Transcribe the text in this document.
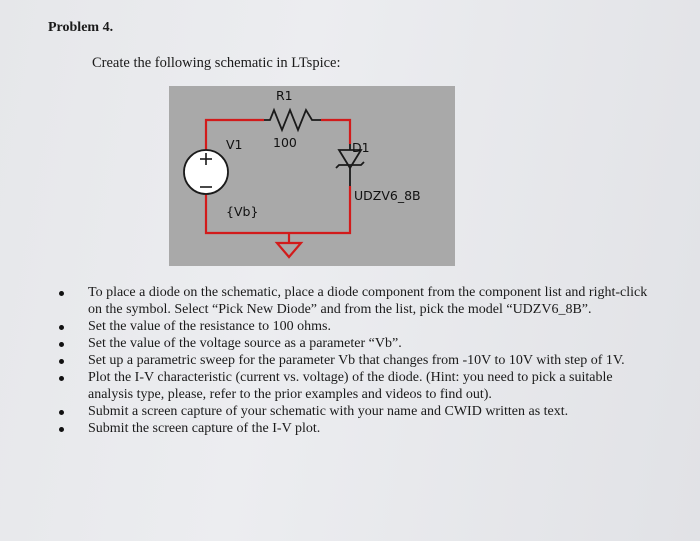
Problem 4.
Create the following schematic in LTspice:
R1
100
V1
{Vb}
D1
UDZV6_8B
To place a diode on the schematic, place a diode component from the component list and right-click on the symbol. Select “Pick New Diode” and from the list, pick the model “UDZV6_8B”.
Set the value of the resistance to 100 ohms.
Set the value of the voltage source as a parameter “Vb”.
Set up a parametric sweep for the parameter Vb that changes from -10V to 10V with step of 1V.
Plot the I-V characteristic (current vs. voltage) of the diode. (Hint: you need to pick a suitable analysis type, please, refer to the prior examples and videos to find out).
Submit a screen capture of your schematic with your name and CWID written as text.
Submit the screen capture of the I-V plot.
